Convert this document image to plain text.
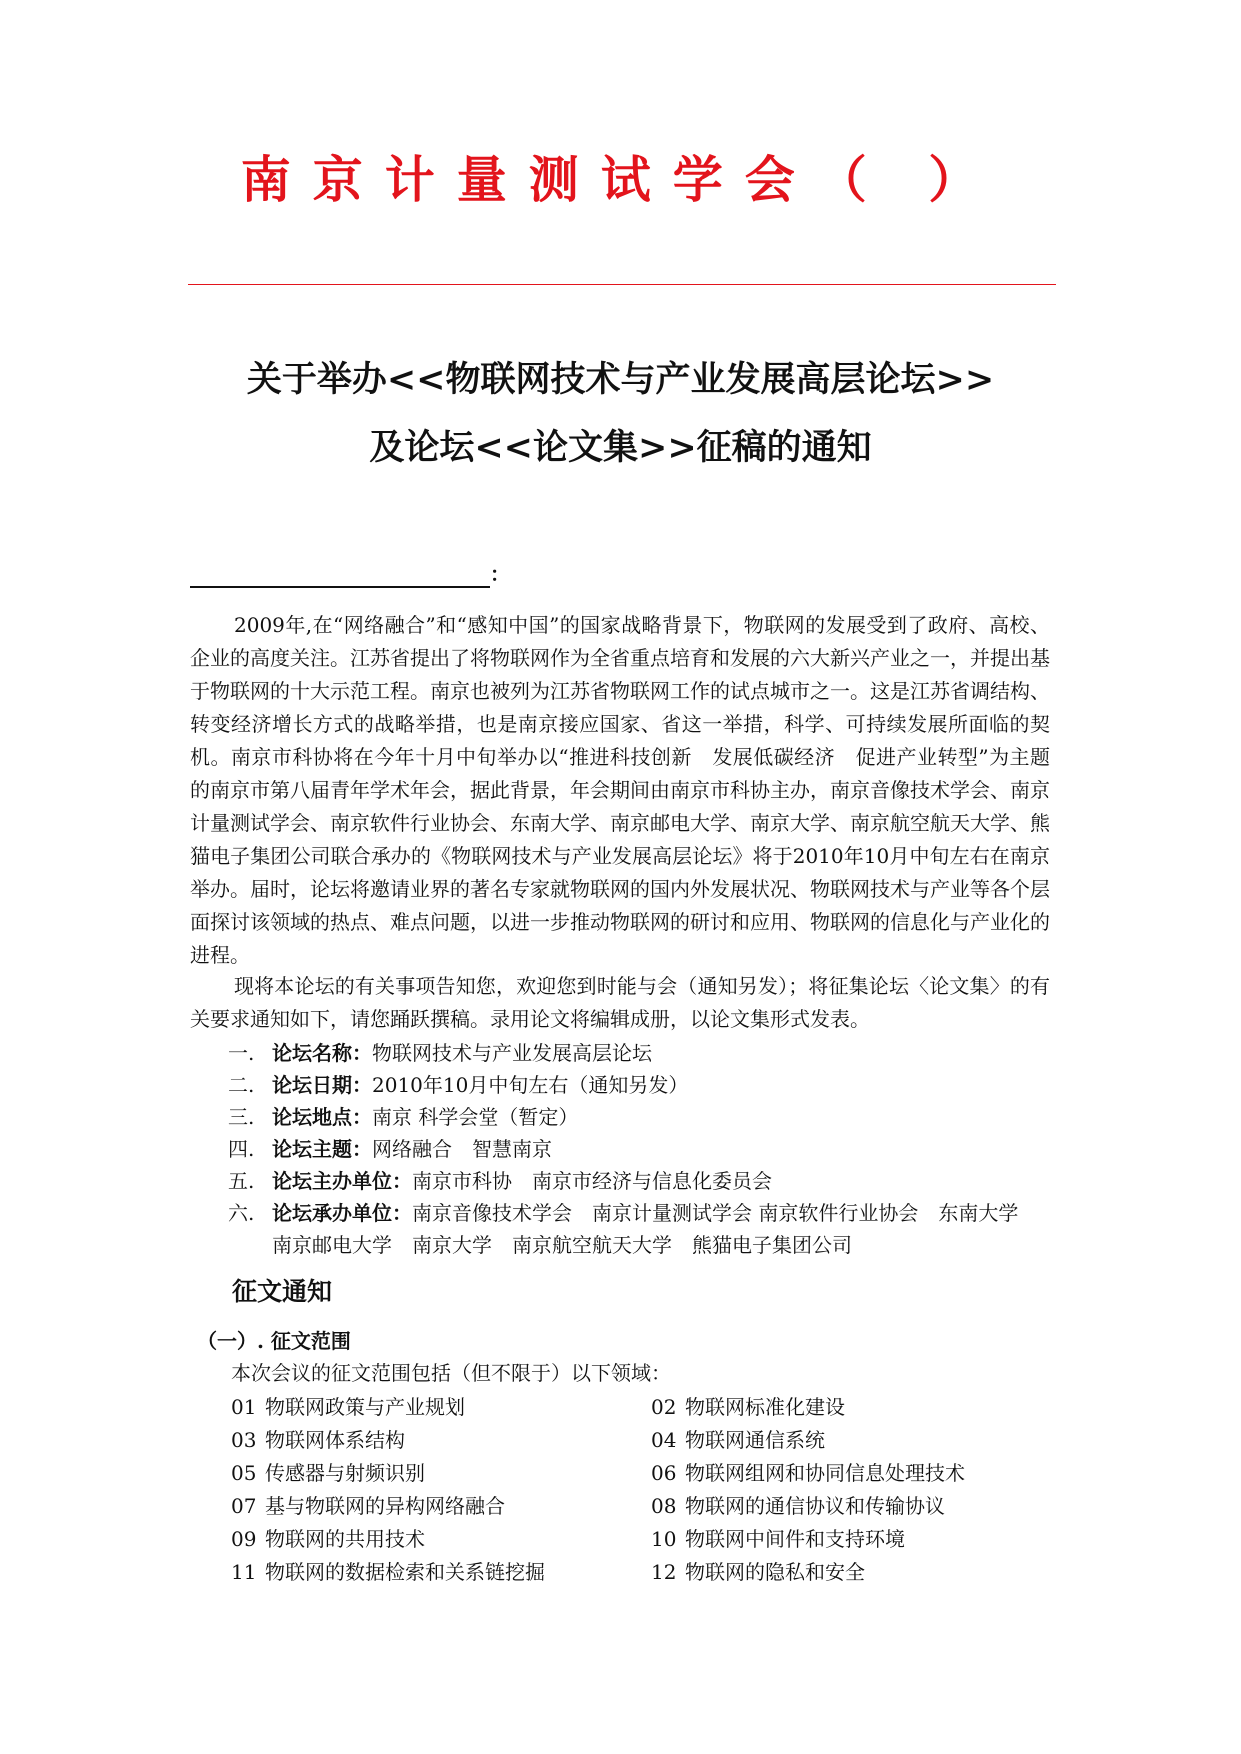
南京计量测试学会（ ）
关于举办<<物联网技术与产业发展高层论坛>>
及论坛<<论文集>>征稿的通知
：

2009年,在“网络融合”和“感知中国”的国家战略背景下，物联网的发展受到了政府、高校、企业的高度关注。江苏省提出了将物联网作为全省重点培育和发展的六大新兴产业之一，并提出基于物联网的十大示范工程。南京也被列为江苏省物联网工作的试点城市之一。这是江苏省调结构、转变经济增长方式的战略举措，也是南京接应国家、省这一举措，科学、可持续发展所面临的契机。南京市科协将在今年十月中旬举办以“推进科技创新　发展低碳经济　促进产业转型”为主题的南京市第八届青年学术年会，据此背景，年会期间由南京市科协主办，南京音像技术学会、南京计量测试学会、南京软件行业协会、东南大学、南京邮电大学、南京大学、南京航空航天大学、熊猫电子集团公司联合承办的《物联网技术与产业发展高层论坛》将于2010年10月中旬左右在南京举办。届时，论坛将邀请业界的著名专家就物联网的国内外发展状况、物联网技术与产业等各个层面探讨该领域的热点、难点问题，以进一步推动物联网的研讨和应用、物联网的信息化与产业化的进程。

现将本论坛的有关事项告知您，欢迎您到时能与会（通知另发）；将征集论坛〈论文集〉的有关要求通知如下，请您踊跃撰稿。录用论文将编辑成册，以论文集形式发表。

一. 论坛名称：物联网技术与产业发展高层论坛
二. 论坛日期：2010年10月中旬左右（通知另发）
三. 论坛地点：南京 科学会堂（暂定）
四. 论坛主题：网络融合　智慧南京
五. 论坛主办单位：南京市科协　南京市经济与信息化委员会
六. 论坛承办单位：南京音像技术学会　南京计量测试学会 南京软件行业协会　东南大学　南京邮电大学　南京大学　南京航空航天大学　熊猫电子集团公司
征文通知
（一）. 征文范围
本次会议的征文范围包括（但不限于）以下领域：
01 物联网政策与产业规划	02 物联网标准化建设
03 物联网体系结构	04 物联网通信系统
05 传感器与射频识别	06 物联网组网和协同信息处理技术
07 基与物联网的异构网络融合	08 物联网的通信协议和传输协议
09 物联网的共用技术	10 物联网中间件和支持环境
11 物联网的数据检索和关系链挖掘	12 物联网的隐私和安全
